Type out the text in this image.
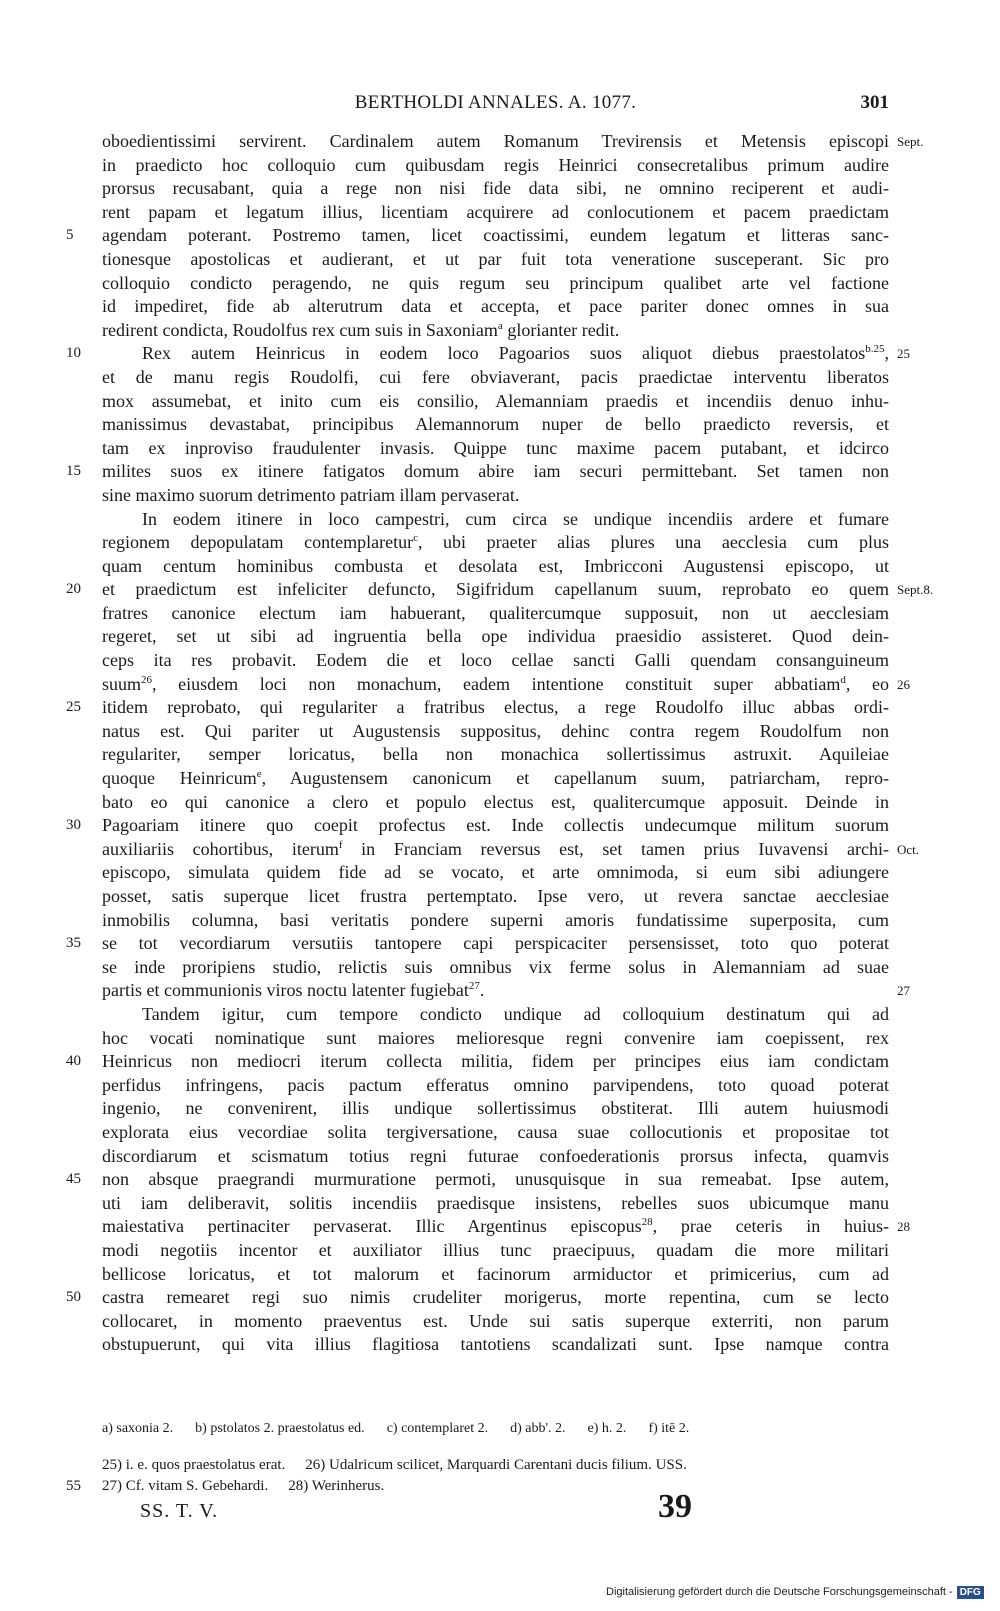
BERTHOLDI ANNALES. A. 1077.	301
oboedientissimi servirent. Cardinalem autem Romanum Trevirensis et Metensis episcopi Sept.
in praedicto hoc colloquio cum quibusdam regis Heinrici consecretalibus primum audire
prorsus recusabant, quia a rege non nisi fide data sibi, ne omnino reciperent et audi-
rent papam et legatum illius, licentiam acquirere ad conlocutionem et pacem praedictam
5	agendam poterant. Postremo tamen, licet coactissimi, eundem legatum et litteras sanc-
tionesque apostolicas et audierant, et ut par fuit tota veneratione susceperant. Sic pro
colloquio condicto peragendo, ne quis regum seu principum qualibet arte vel factione
id impediret, fide ab alterutrum data et accepta, et pace pariter donec omnes in sua
redirent condicta, Roudolfus rex cum suis in Saxoniam$^a$ glorianter redit.
10	Rex autem Heinricus in eodem loco Pagoarios suos aliquot diebus praestolatos$^{b.25}$, 25
et de manu regis Roudolfi, cui fere obviaverant, pacis praedictae interventu liberatos
mox assumebat, et inito cum eis consilio, Alemanniam praedis et incendiis denuo inhu-
manissimus devastabat, principibus Alemannorum nuper de bello praedicto reversis, et
tam ex inproviso fraudulenter invasis. Quippe tunc maxime pacem putabant, et idcirco
15	milites suos ex itinere fatigatos domum abire iam securi permittebant. Set tamen non
sine maximo suorum detrimento patriam illam pervaserat.
In eodem itinere in loco campestri, cum circa se undique incendiis ardere et fumare
regionem depopulatam contemplaretur$^c$, ubi praeter alias plures una aecclesia cum plus
quam centum hominibus combusta et desolata est, Imbricconi Augustensi episcopo, ut
20	et praedictum est infeliciter defuncto, Sigifridum capellanum suum, reprobato eo quem Sept.8.
fratres canonice electum iam habuerant, qualitercumque supposuit, non ut aecclesiam
regeret, set ut sibi ad ingruentia bella ope individua praesidio assisteret. Quod dein-
ceps ita res probavit. Eodem die et loco cellae sancti Galli quendam consanguineum
suum$^{26}$, eiusdem loci non monachum, eadem intentione constituit super abbatiam$^d$, eo 26
25	itidem reprobato, qui regulariter a fratribus electus, a rege Roudolfo illuc abbas ordi-
natus est. Qui pariter ut Augustensis suppositus, dehinc contra regem Roudolfum non
regulariter, semper loricatus, bella non monachica sollertissimus astruxit. Aquileiae
quoque Heinricum$^e$, Augustensem canonicum et capellanum suum, patriarcham, repro-
bato eo qui canonice a clero et populo electus est, qualitercumque apposuit. Deinde in
30	Pagoariam itinere quo coepit profectus est. Inde collectis undecumque militum suorum
auxiliariis cohortibus, iterum$^f$ in Franciam reversus est, set tamen prius Iuvavensi archi- Oct.
episcopo, simulata quidem fide ad se vocato, et arte omnimoda, si eum sibi adiungere
posset, satis superque licet frustra pertemptato. Ipse vero, ut revera sanctae aecclesiae
inmobilis columna, basi veritatis pondere superni amoris fundatissime superposita, cum
35	se tot vecordiarum versutiis tantopere capi perspicaciter persensisset, toto quo poterat
se inde proripiens studio, relictis suis omnibus vix ferme solus in Alemanniam ad suae
partis et communionis viros noctu latenter fugiebat$^{27}$.	27
Tandem igitur, cum tempore condicto undique ad colloquium destinatum qui ad
hoc vocati nominatique sunt maiores melioresque regni convenire iam coepissent, rex
40	Heinricus non mediocri iterum collecta militia, fidem per principes eius iam condictam
perfidus infringens, pacis pactum efferatus omnino parvipendens, toto quoad poterat
ingenio, ne convenirent, illis undique sollertissimus obstiterat. Illi autem huiusmodi
explorata eius vecordiae solita tergiversatione, causa suae collocutionis et propositae tot
discordiarum et scismatum totius regni futurae confoederationis prorsus infecta, quamvis
45	non absque praegrandi murmuratione permoti, unusquisque in sua remeabat. Ipse autem,
uti iam deliberavit, solitis incendiis praedisque insistens, rebelles suos ubicumque manu
maiestativa pertinaciter pervaserat. Illic Argentinus episcopus$^{28}$, prae ceteris in huius- 28
modi negotiis incentor et auxiliator illius tunc praecipuus, quadam die more militari
bellicose loricatus, et tot malorum et facinorum armiductor et primicerius, cum ad
50	castra remearet regi suo nimis crudeliter morigerus, morte repentina, cum se lecto
collocaret, in momento praeventus est. Unde sui satis superque exterriti, non parum
obstupuerunt, qui vita illius flagitiosa tantotiens scandalizati sunt. Ipse namque contra
a) saxonia 2. b) pstolatos 2. praestolatus ed. c) contemplaret 2. d) abb'. 2. e) h. 2. f) itē 2.
25) i. e. quos praestolatus erat. 26) Udalricum scilicet, Marquardi Carentani ducis filium. USS.
55	27) Cf. vitam S. Gebehardi. 28) Werinherus.
SS. T. V.	39
Digitalisierung gefördert durch die Deutsche Forschungsgemeinschaft - DFG
